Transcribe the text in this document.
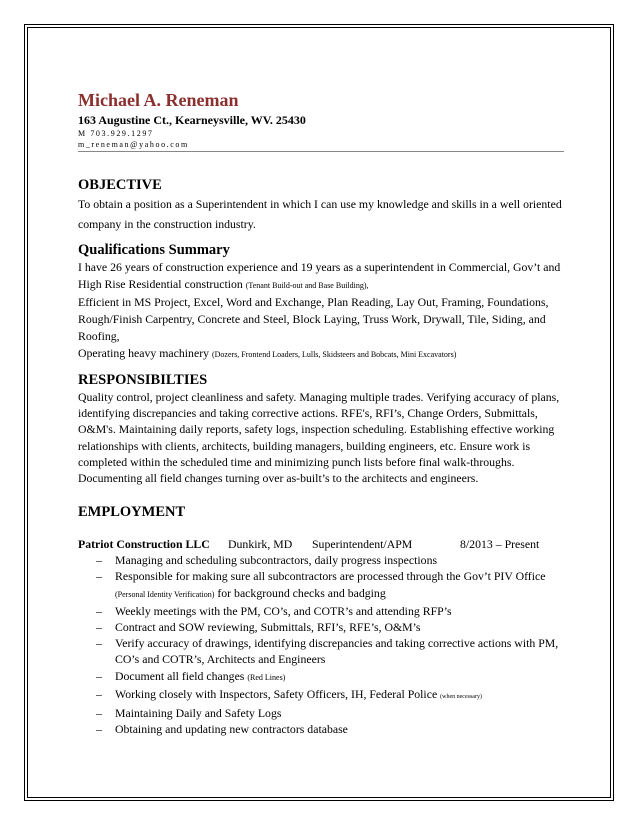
Michael A. Reneman
163 Augustine Ct., Kearneysville, WV. 25430
M 703.929.1297
m_reneman@yahoo.com
OBJECTIVE

To obtain a position as a Superintendent in which I can use my knowledge and skills in a well oriented company in the construction industry.

Qualifications Summary

I have 26 years of construction experience and 19 years as a superintendent in Commercial, Gov’t and High Rise Residential construction (Tenant Build-out and Base Building),
Efficient in MS Project, Excel, Word and Exchange, Plan Reading, Lay Out, Framing, Foundations, Rough/Finish Carpentry, Concrete and Steel, Block Laying, Truss Work, Drywall, Tile, Siding, and Roofing,
Operating heavy machinery (Dozers, Frontend Loaders, Lulls, Skidsteers and Bobcats, Mini Excavators)

RESPONSIBILTIES

Quality control, project cleanliness and safety. Managing multiple trades. Verifying accuracy of plans, identifying discrepancies and taking corrective actions. RFE's, RFI’s, Change Orders, Submittals, O&M's. Maintaining daily reports, safety logs, inspection scheduling. Establishing effective working relationships with clients, architects, building managers, building engineers, etc. Ensure work is completed within the scheduled time and minimizing punch lists before final walk-throughs. Documenting all field changes turning over as-built’s to the architects and engineers.

EMPLOYMENT
Patriot Construction LLC Dunkirk, MD Superintendent/APM	8/2013 – Present
– Managing and scheduling subcontractors, daily progress inspections
– Responsible for making sure all subcontractors are processed through the Gov’t PIV Office (Personal Identity Verification) for background checks and badging
– Weekly meetings with the PM, CO’s, and COTR’s and attending RFP’s
– Contract and SOW reviewing, Submittals, RFI’s, RFE’s, O&M’s
– Verify accuracy of drawings, identifying discrepancies and taking corrective actions with PM, CO’s and COTR’s, Architects and Engineers
– Document all field changes (Red Lines)
– Working closely with Inspectors, Safety Officers, IH, Federal Police (when necessary)
– Maintaining Daily and Safety Logs
– Obtaining and updating new contractors database
